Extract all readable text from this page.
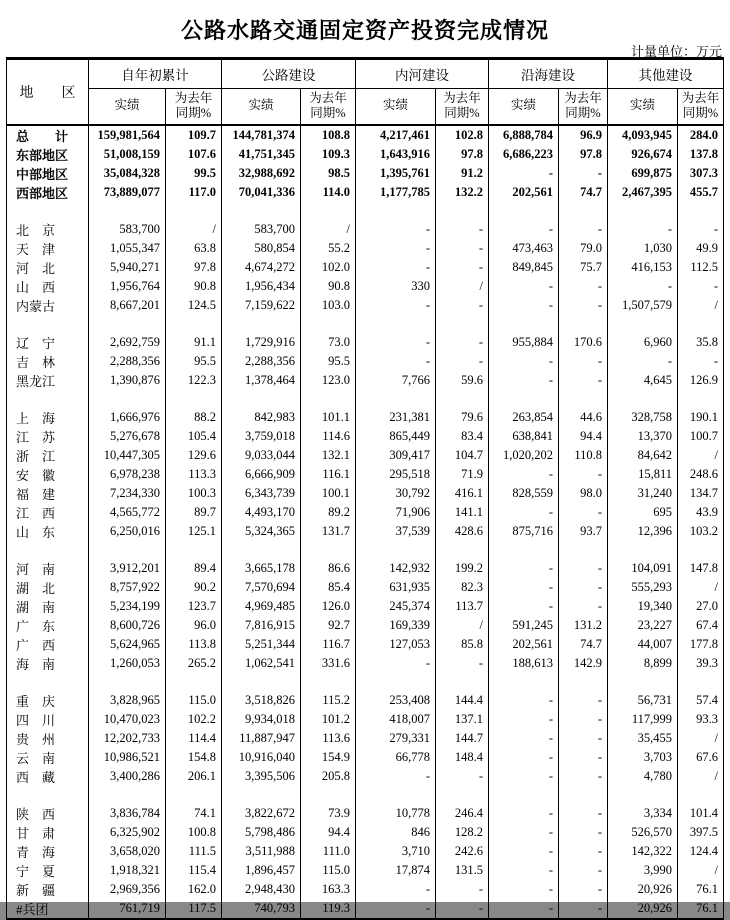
公路水路交通固定资产投资完成情况
计量单位：万元
地　　区	自年初累计		公路建设		内河建设		沿海建设		其他建设	
	实绩	为去年同期%	实绩	为去年同期%	实绩	为去年同期%	实绩	为去年同期%	实绩	为去年同期%
总　　计	159,981,564	109.7	144,781,374	108.8	4,217,461	102.8	6,888,784	96.9	4,093,945	284.0
东部地区	51,008,159	107.6	41,751,345	109.3	1,643,916	97.8	6,686,223	97.8	926,674	137.8
中部地区	35,084,328	99.5	32,988,692	98.5	1,395,761	91.2	-	-	699,875	307.3
西部地区	73,889,077	117.0	70,041,336	114.0	1,177,785	132.2	202,561	74.7	2,467,395	455.7

北　京	583,700	/	583,700	/	-	-	-	-	-	-
天　津	1,055,347	63.8	580,854	55.2	-	-	473,463	79.0	1,030	49.9
河　北	5,940,271	97.8	4,674,272	102.0	-	-	849,845	75.7	416,153	112.5
山　西	1,956,764	90.8	1,956,434	90.8	330	/	-	-	-	-
内蒙古	8,667,201	124.5	7,159,622	103.0	-	-	-	-	1,507,579	/

辽　宁	2,692,759	91.1	1,729,916	73.0	-	-	955,884	170.6	6,960	35.8
吉　林	2,288,356	95.5	2,288,356	95.5	-	-	-	-	-	-
黑龙江	1,390,876	122.3	1,378,464	123.0	7,766	59.6	-	-	4,645	126.9

上　海	1,666,976	88.2	842,983	101.1	231,381	79.6	263,854	44.6	328,758	190.1
江　苏	5,276,678	105.4	3,759,018	114.6	865,449	83.4	638,841	94.4	13,370	100.7
浙　江	10,447,305	129.6	9,033,044	132.1	309,417	104.7	1,020,202	110.8	84,642	/
安　徽	6,978,238	113.3	6,666,909	116.1	295,518	71.9	-	-	15,811	248.6
福　建	7,234,330	100.3	6,343,739	100.1	30,792	416.1	828,559	98.0	31,240	134.7
江　西	4,565,772	89.7	4,493,170	89.2	71,906	141.1	-	-	695	43.9
山　东	6,250,016	125.1	5,324,365	131.7	37,539	428.6	875,716	93.7	12,396	103.2

河　南	3,912,201	89.4	3,665,178	86.6	142,932	199.2	-	-	104,091	147.8
湖　北	8,757,922	90.2	7,570,694	85.4	631,935	82.3	-	-	555,293	/
湖　南	5,234,199	123.7	4,969,485	126.0	245,374	113.7	-	-	19,340	27.0
广　东	8,600,726	96.0	7,816,915	92.7	169,339	/	591,245	131.2	23,227	67.4
广　西	5,624,965	113.8	5,251,344	116.7	127,053	85.8	202,561	74.7	44,007	177.8
海　南	1,260,053	265.2	1,062,541	331.6	-	-	188,613	142.9	8,899	39.3

重　庆	3,828,965	115.0	3,518,826	115.2	253,408	144.4	-	-	56,731	57.4
四　川	10,470,023	102.2	9,934,018	101.2	418,007	137.1	-	-	117,999	93.3
贵　州	12,202,733	114.4	11,887,947	113.6	279,331	144.7	-	-	35,455	/
云　南	10,986,521	154.8	10,916,040	154.9	66,778	148.4	-	-	3,703	67.6
西　藏	3,400,286	206.1	3,395,506	205.8	-	-	-	-	4,780	/

陕　西	3,836,784	74.1	3,822,672	73.9	10,778	246.4	-	-	3,334	101.4
甘　肃	6,325,902	100.8	5,798,486	94.4	846	128.2	-	-	526,570	397.5
青　海	3,658,020	111.5	3,511,988	111.0	3,710	242.6	-	-	142,322	124.4
宁　夏	1,918,321	115.4	1,896,457	115.0	17,874	131.5	-	-	3,990	/
新　疆	2,969,356	162.0	2,948,430	163.3	-	-	-	-	20,926	76.1
#兵团	761,719	117.5	740,793	119.3	-	-	-	-	20,926	76.1
